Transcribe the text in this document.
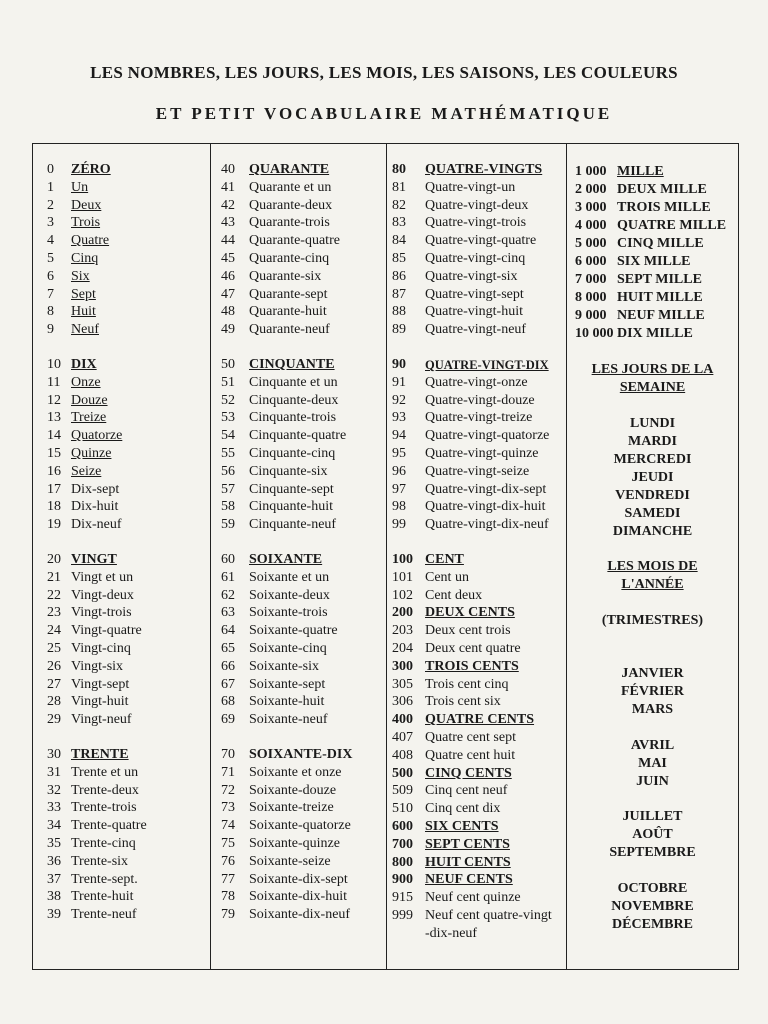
LES NOMBRES, LES JOURS, LES MOIS, LES SAISONS, LES COULEURS
ET PETIT VOCABULAIRE MATHÉMATIQUE
0 ZÉRO
1 Un
2 Deux
3 Trois
4 Quatre
5 Cinq
6 Six
7 Sept
8 Huit
9 Neuf
10 DIX
11 Onze
12 Douze
13 Treize
14 Quatorze
15 Quinze
16 Seize
17 Dix-sept
18 Dix-huit
19 Dix-neuf
20 VINGT
21 Vingt et un
22 Vingt-deux
23 Vingt-trois
24 Vingt-quatre
25 Vingt-cinq
26 Vingt-six
27 Vingt-sept
28 Vingt-huit
29 Vingt-neuf
30 TRENTE
31 Trente et un
32 Trente-deux
33 Trente-trois
34 Trente-quatre
35 Trente-cinq
36 Trente-six
37 Trente-sept.
38 Trente-huit
39 Trente-neuf
40 QUARANTE
41 Quarante et un
42 Quarante-deux
43 Quarante-trois
44 Quarante-quatre
45 Quarante-cinq
46 Quarante-six
47 Quarante-sept
48 Quarante-huit
49 Quarante-neuf
50 CINQUANTE
51 Cinquante et un
52 Cinquante-deux
53 Cinquante-trois
54 Cinquante-quatre
55 Cinquante-cinq
56 Cinquante-six
57 Cinquante-sept
58 Cinquante-huit
59 Cinquante-neuf
60 SOIXANTE
61 Soixante et un
62 Soixante-deux
63 Soixante-trois
64 Soixante-quatre
65 Soixante-cinq
66 Soixante-six
67 Soixante-sept
68 Soixante-huit
69 Soixante-neuf
70 SOIXANTE-DIX
71 Soixante et onze
72 Soixante-douze
73 Soixante-treize
74 Soixante-quatorze
75 Soixante-quinze
76 Soixante-seize
77 Soixante-dix-sept
78 Soixante-dix-huit
79 Soixante-dix-neuf
80 QUATRE-VINGTS
81 Quatre-vingt-un
82 Quatre-vingt-deux
83 Quatre-vingt-trois
84 Quatre-vingt-quatre
85 Quatre-vingt-cinq
86 Quatre-vingt-six
87 Quatre-vingt-sept
88 Quatre-vingt-huit
89 Quatre-vingt-neuf
90 QUATRE-VINGT-DIX
91 Quatre-vingt-onze
92 Quatre-vingt-douze
93 Quatre-vingt-treize
94 Quatre-vingt-quatorze
95 Quatre-vingt-quinze
96 Quatre-vingt-seize
97 Quatre-vingt-dix-sept
98 Quatre-vingt-dix-huit
99 Quatre-vingt-dix-neuf
100 CENT
101 Cent un
102 Cent deux
200 DEUX CENTS
203 Deux cent trois
204 Deux cent quatre
300 TROIS CENTS
305 Trois cent cinq
306 Trois cent six
400 QUATRE CENTS
407 Quatre cent sept
408 Quatre cent huit
500 CINQ CENTS
509 Cinq cent neuf
510 Cinq cent dix
600 SIX CENTS
700 SEPT CENTS
800 HUIT CENTS
900 NEUF CENTS
915 Neuf cent quinze
999 Neuf cent quatre-vingt
-dix-neuf
1 000 MILLE
2 000 DEUX MILLE
3 000 TROIS MILLE
4 000 QUATRE MILLE
5 000 CINQ MILLE
6 000 SIX MILLE
7 000 SEPT MILLE
8 000 HUIT MILLE
9 000 NEUF MILLE
10 000 DIX MILLE
LES JOURS DE LA
SEMAINE
LUNDI
MARDI
MERCREDI
JEUDI
VENDREDI
SAMEDI
DIMANCHE
LES MOIS DE
L'ANNÉE
(TRIMESTRES)
JANVIER
FÉVRIER
MARS
AVRIL
MAI
JUIN
JUILLET
AOÛT
SEPTEMBRE
OCTOBRE
NOVEMBRE
DÉCEMBRE
